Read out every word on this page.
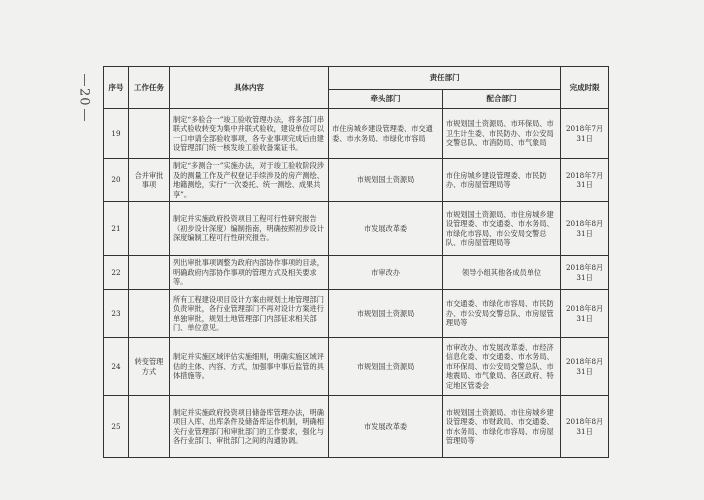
20
序号	工作任务	具体内容	责任部门		完成时限
			牵头部门	配合部门	
19		制定“多验合一”竣工验收管理办法，将多部门串联式验收转变为集中并联式验收，建设单位可以一口申请全部验收事项，各专业事项完成后由建设管理部门统一核发竣工验收备案证书。	市住房城乡建设管理委、市交通委、市水务局、市绿化市容局	市规划国土资源局、市环保局、市卫生计生委、市民防办、市公安局交警总队、市消防局、市气象局	2018年7月31日
20	合并审批事项	制定“多测合一”实施办法，对于竣工验收阶段涉及的测量工作及产权登记手续涉及的房产测绘、地籍测绘，实行“一次委托、统一测绘、成果共享”。	市规划国土资源局	市住房城乡建设管理委、市民防办、市房屋管理局等	2018年7月31日
21		制定并实施政府投资项目工程可行性研究报告（初步设计深度）编制指南，明确按照初步设计深度编制工程可行性研究报告。	市发展改革委	市规划国土资源局、市住房城乡建设管理委、市交通委、市水务局、市绿化市容局、市公安局交警总队、市房屋管理局等	2018年8月31日
22		列出审批事项调整为政府内部协作事项的目录，明确政府内部协作事项的管理方式及相关要求等。	市审改办	领导小组其他各成员单位	2018年8月31日
23		所有工程建设项目设计方案由规划土地管理部门负责审批，各行业管理部门不再对设计方案进行单独审批，规划土地管理部门内部征求相关部门、单位意见。	市规划国土资源局	市交通委、市绿化市容局、市民防办、市公安局交警总队、市房屋管理局等	2018年8月31日
24	转变管理方式	制定并实施区域评估实施细则，明确实施区域评估的主体、内容、方式，加强事中事后监管的具体措施等。	市规划国土资源局	市审改办、市发展改革委、市经济信息化委、市交通委、市水务局、市环保局、市公安局交警总队、市地震局、市气象局、各区政府、特定地区管委会	2018年8月31日
25		制定并实施政府投资项目储备库管理办法，明确项目入库、出库条件及储备库运作机制，明确相关行业管理部门和审批部门的工作要求，强化与各行业部门、审批部门之间的沟通协调。	市发展改革委	市规划国土资源局、市住房城乡建设管理委、市财政局、市交通委、市水务局、市绿化市容局、市房屋管理局等	2018年8月31日
